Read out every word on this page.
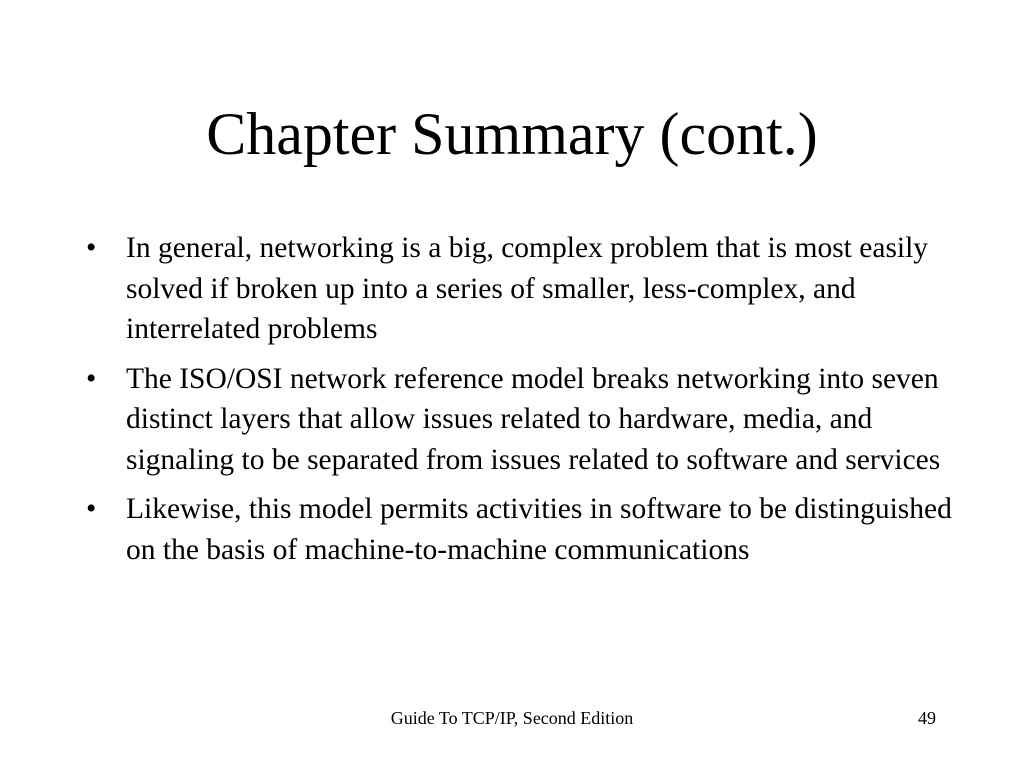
Chapter Summary (cont.)
• In general, networking is a big, complex problem that is most easily solved if broken up into a series of smaller, less-complex, and interrelated problems
• The ISO/OSI network reference model breaks networking into seven distinct layers that allow issues related to hardware, media, and signaling to be separated from issues related to software and services
• Likewise, this model permits activities in software to be distinguished on the basis of machine-to-machine communications
Guide To TCP/IP, Second Edition	49
